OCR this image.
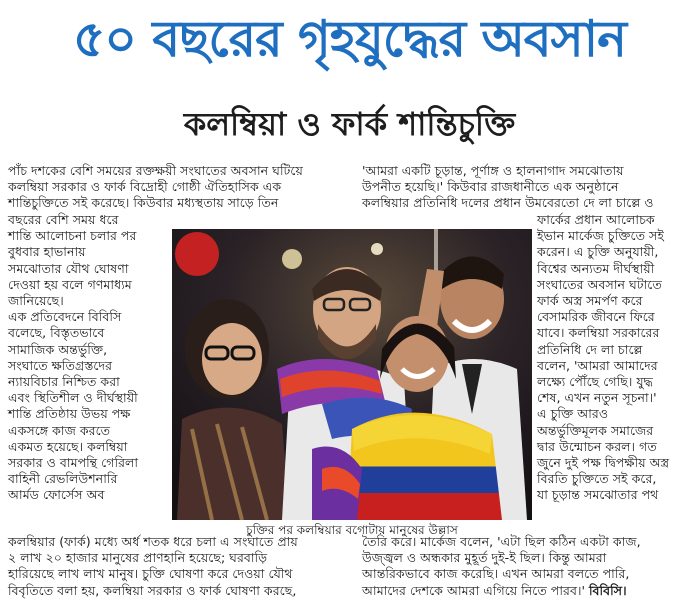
৫০ বছরের গৃহযুদ্ধের অবসান
কলম্বিয়া ও ফার্ক শান্তিচুক্তি

পাঁচ দশকের বেশি সময়ের রক্তক্ষয়ী সংঘাতের অবসান ঘটিয়ে

কলম্বিয়া সরকার ও ফার্ক বিদ্রোহী গোষ্ঠী ঐতিহাসিক এক

শান্তিচুক্তিতে সই করেছে। কিউবার মধ্যস্থতায় সাড়ে তিন

বছরের বেশি সময় ধরে

শান্তি আলোচনা চলার পর

বুধবার হাভানায়

সমঝোতার যৌথ ঘোষণা

দেওয়া হয় বলে গণমাধ্যম

জানিয়েছে।

এক প্রতিবেদনে বিবিসি

বলেছে, বিস্তৃতভাবে

সামাজিক অন্তর্ভুক্তি,

সংঘাতে ক্ষতিগ্রস্তদের

ন্যায়বিচার নিশ্চিত করা

এবং স্থিতিশীল ও দীর্ঘস্থায়ী

শান্তি প্রতিষ্ঠায় উভয় পক্ষ

একসঙ্গে কাজ করতে

একমত হয়েছে। কলম্বিয়া

সরকার ও বামপন্থি গেরিলা

বাহিনী রেভলিউশনারি

আর্মড ফোর্সেস অব

কলম্বিয়ার (ফার্ক) মধ্যে অর্ধ শতক ধরে চলা এ সংঘাতে প্রায়

২ লাখ ২০ হাজার মানুষের প্রাণহানি হয়েছে; ঘরবাড়ি

হারিয়েছে লাখ লাখ মানুষ। চুক্তি ঘোষণা করে দেওয়া যৌথ

বিবৃতিতে বলা হয়, কলম্বিয়া সরকার ও ফার্ক ঘোষণা করছে,

'আমরা একটি চূড়ান্ত, পূর্ণাঙ্গ ও হালনাগাদ সমঝোতায়

উপনীত হয়েছি।' কিউবার রাজধানীতে এক অনুষ্ঠানে

কলম্বিয়ার প্রতিনিধি দলের প্রধান উমবেরতো দে লা চাল্লে ও

ফার্কের প্রধান আলোচক

ইভান মার্কেজ চুক্তিতে সই

করেন। এ চুক্তি অনুযায়ী,

বিশ্বের অন্যতম দীর্ঘস্থায়ী

সংঘাতের অবসান ঘটাতে

ফার্ক অস্ত্র সমর্পণ করে

বেসামরিক জীবনে ফিরে

যাবে। কলম্বিয়া সরকারের

প্রতিনিধি দে লা চাল্লে

বলেন, 'আমরা আমাদের

লক্ষ্যে পৌঁছে গেছি। যুদ্ধ

শেষ, এখন নতুন সূচনা।'

এ চুক্তি আরও

অন্তর্ভুক্তিমূলক সমাজের

দ্বার উন্মোচন করল। গত

জুনে দুই পক্ষ দ্বিপক্ষীয় অস্ত্র

বিরতি চুক্তিতে সই করে,

যা চূড়ান্ত সমঝোতার পথ

তৈরি করে। মার্কেজ বলেন, 'এটা ছিল কঠিন একটা কাজ,

উজ্জ্বল ও অন্ধকার মুহূর্ত দুই-ই ছিল। কিন্তু আমরা

আন্তরিকভাবে কাজ করেছি। এখন আমরা বলতে পারি,

আমাদের দেশকে আমরা এগিয়ে নিতে পারব।' বিবিসি।

চুক্তির পর কলম্বিয়ার বগোটায় মানুষের উল্লাস
